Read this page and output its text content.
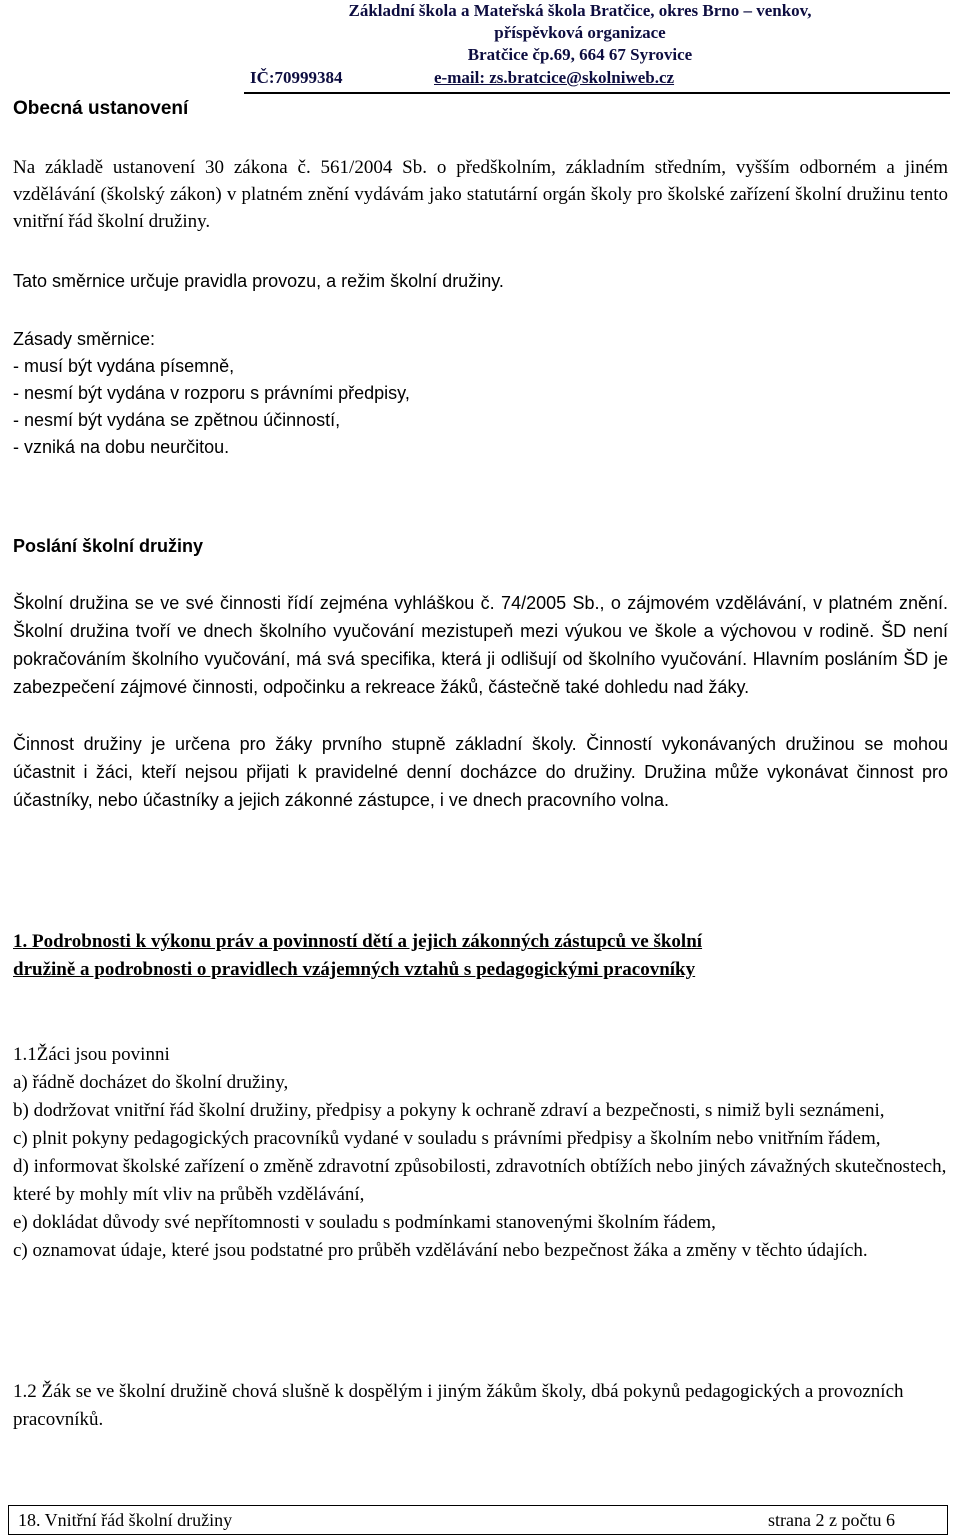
Základní škola a Mateřská škola Bratčice, okres Brno – venkov,
příspěvková organizace
Bratčice čp.69, 664 67 Syrovice
IČ:70999384	e-mail: zs.bratcice@skolniweb.cz
Obecná ustanovení
Na základě ustanovení 30 zákona č. 561/2004 Sb. o předškolním, základním středním, vyšším odborném a jiném vzdělávání (školský zákon) v platném znění vydávám jako statutární orgán školy pro školské zařízení školní družinu tento vnitřní řád školní družiny.
Tato směrnice určuje pravidla provozu, a režim školní družiny.
Zásady směrnice:
- musí být vydána písemně,
- nesmí být vydána v rozporu s právními předpisy,
- nesmí být vydána se zpětnou účinností,
- vzniká na dobu neurčitou.
Poslání školní družiny
Školní družina se ve své činnosti řídí zejména vyhláškou č. 74/2005 Sb., o zájmovém vzdělávání, v platném znění. Školní družina tvoří ve dnech školního vyučování mezistupeň mezi výukou ve škole a výchovou v rodině. ŠD není pokračováním školního vyučování, má svá specifika, která ji odlišují od školního vyučování. Hlavním posláním ŠD je zabezpečení zájmové činnosti, odpočinku a rekreace žáků, částečně také dohledu nad žáky.
Činnost družiny je určena pro žáky prvního stupně základní školy. Činností vykonávaných družinou se mohou účastnit i žáci, kteří nejsou přijati k pravidelné denní docházce do družiny. Družina může vykonávat činnost pro účastníky, nebo účastníky a jejich zákonné zástupce, i ve dnech pracovního volna.
1. Podrobnosti k výkonu práv a povinností dětí a jejich zákonných zástupců ve školní
družině a podrobnosti o pravidlech vzájemných vztahů s pedagogickými pracovníky
1.1Žáci jsou povinni
a) řádně docházet do školní družiny,
b) dodržovat vnitřní řád školní družiny, předpisy a pokyny k ochraně zdraví a bezpečnosti, s nimiž byli seznámeni,
c) plnit pokyny pedagogických pracovníků vydané v souladu s právními předpisy a školním nebo vnitřním řádem,
d) informovat školské zařízení o změně zdravotní způsobilosti, zdravotních obtížích nebo jiných závažných skutečnostech, které by mohly mít vliv na průběh vzdělávání,
e) dokládat důvody své nepřítomnosti v souladu s podmínkami stanovenými školním řádem,
c) oznamovat údaje, které jsou podstatné pro průběh vzdělávání nebo bezpečnost žáka a změny v těchto údajích.
1.2 Žák se ve školní družině chová slušně k dospělým i jiným žákům školy, dbá pokynů pedagogických a provozních pracovníků.
18. Vnitřní řád školní družiny	strana 2 z počtu 6
